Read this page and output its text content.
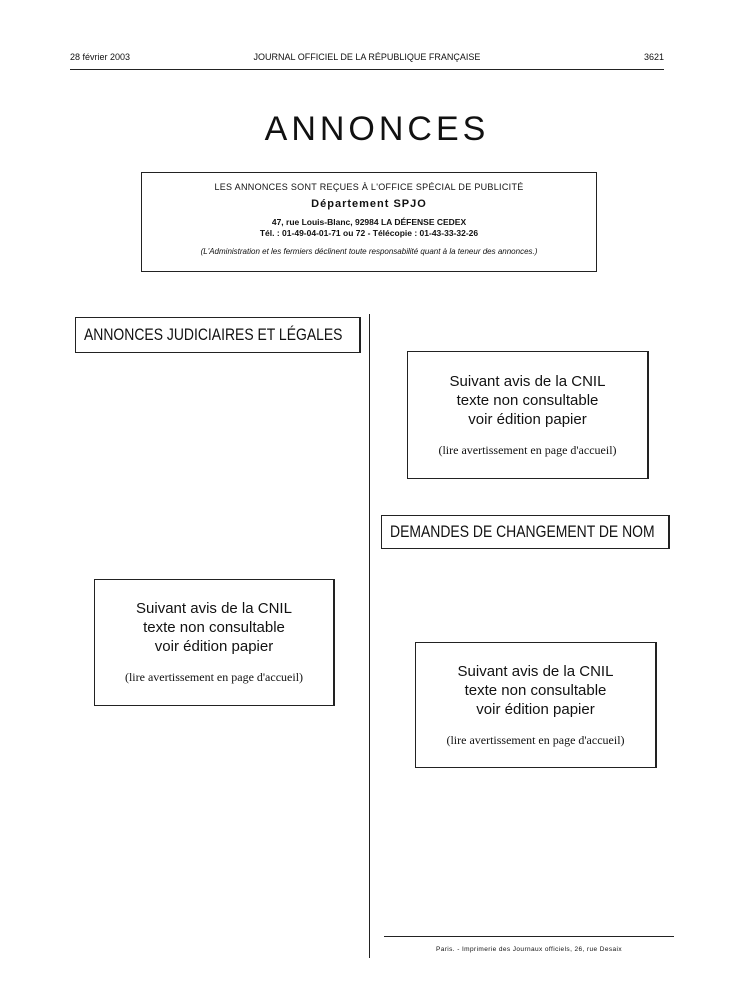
28 février 2003	JOURNAL OFFICIEL DE LA RÉPUBLIQUE FRANÇAISE	3621
ANNONCES
LES ANNONCES SONT REÇUES À L'OFFICE SPÉCIAL DE PUBLICITÉ
Département SPJO
47, rue Louis-Blanc, 92984 LA DÉFENSE CEDEX
Tél. : 01-49-04-01-71 ou 72 - Télécopie : 01-43-33-32-26
(L'Administration et les fermiers déclinent toute responsabilité quant à la teneur des annonces.)
ANNONCES JUDICIAIRES ET LÉGALES
Suivant avis de la CNIL
texte non consultable
voir édition papier
(lire avertissement en page d'accueil)
DEMANDES DE CHANGEMENT DE NOM
Suivant avis de la CNIL
texte non consultable
voir édition papier
(lire avertissement en page d'accueil)	Suivant avis de la CNIL
texte non consultable
voir édition papier
(lire avertissement en page d'accueil)
Paris. - Imprimerie des Journaux officiels, 26, rue Desaix
